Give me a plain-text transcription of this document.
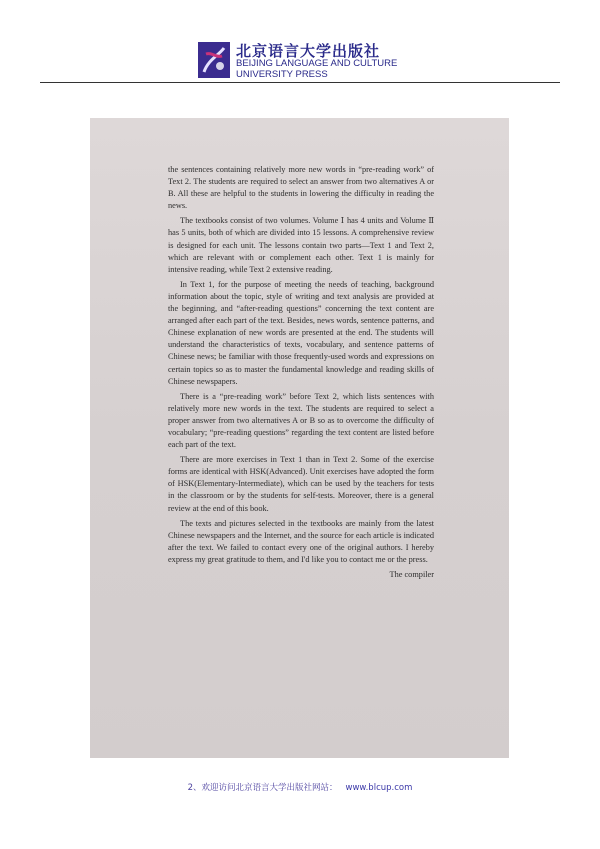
北京语言大学出版社
BEIJING LANGUAGE AND CULTURE
UNIVERSITY PRESS

the sentences containing relatively more new words in “pre-reading work” of Text 2. The students are required to select an answer from two alternatives A or B. All these are helpful to the students in lowering the difficulty in reading the news.

The textbooks consist of two volumes. Volume Ⅰ has 4 units and Volume Ⅱ has 5 units, both of which are divided into 15 lessons. A comprehensive review is designed for each unit. The lessons contain two parts—Text 1 and Text 2, which are relevant with or complement each other. Text 1 is mainly for intensive reading, while Text 2 extensive reading.

In Text 1, for the purpose of meeting the needs of teaching, background information about the topic, style of writing and text analysis are provided at the beginning, and “after-reading questions” concerning the text content are arranged after each part of the text. Besides, news words, sentence patterns, and Chinese explanation of new words are presented at the end. The students will understand the characteristics of texts, vocabulary, and sentence patterns of Chinese news; be familiar with those frequently-used words and expressions on certain topics so as to master the fundamental knowledge and reading skills of Chinese newspapers.

There is a “pre-reading work” before Text 2, which lists sentences with relatively more new words in the text. The students are required to select a proper answer from two alternatives A or B so as to overcome the difficulty of vocabulary; “pre-reading questions” regarding the text content are listed before each part of the text.

There are more exercises in Text 1 than in Text 2. Some of the exercise forms are identical with HSK(Advanced). Unit exercises have adopted the form of HSK(Elementary-Intermediate), which can be used by the teachers for tests in the classroom or by the students for self-tests. Moreover, there is a general review at the end of this book.

The texts and pictures selected in the textbooks are mainly from the latest Chinese newspapers and the Internet, and the source for each article is indicated after the text. We failed to contact every one of the original authors. I hereby express my great gratitude to them, and I'd like you to contact me or the press.

The compiler
2、欢迎访问北京语言大学出版社网站： www.blcup.com
